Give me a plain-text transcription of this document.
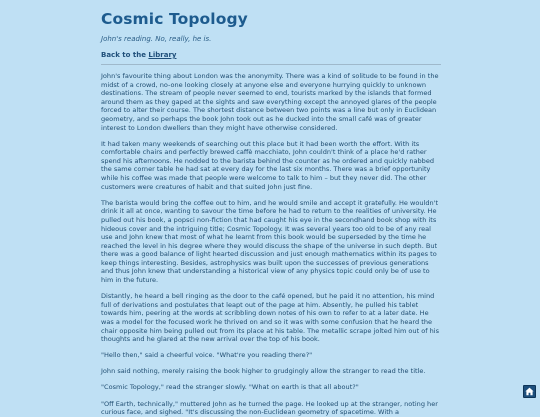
Cosmic Topology
John's reading. No, really, he is.
Back to the Library

John's favourite thing about London was the anonymity. There was a kind of solitude to be found in the midst of a crowd, no-one looking closely at anyone else and everyone hurrying quickly to unknown destinations. The stream of people never seemed to end, tourists marked by the islands that formed around them as they gaped at the sights and saw everything except the annoyed glares of the people forced to alter their course. The shortest distance between two points was a line but only in Euclidean geometry, and so perhaps the book John took out as he ducked into the small café was of greater interest to London dwellers than they might have otherwise considered.

It had taken many weekends of searching out this place but it had been worth the effort. With its comfortable chairs and perfectly brewed caffè macchiato, John couldn't think of a place he'd rather spend his afternoons. He nodded to the barista behind the counter as he ordered and quickly nabbed the same corner table he had sat at every day for the last six months. There was a brief opportunity while his coffee was made that people were welcome to talk to him – but they never did. The other customers were creatures of habit and that suited John just fine.

The barista would bring the coffee out to him, and he would smile and accept it gratefully. He wouldn't drink it all at once, wanting to savour the time before he had to return to the realities of university. He pulled out his book, a popsci non-fiction that had caught his eye in the secondhand book shop with its hideous cover and the intriguing title; Cosmic Topology. It was several years too old to be of any real use and John knew that most of what he learnt from this book would be superseded by the time he reached the level in his degree where they would discuss the shape of the universe in such depth. But there was a good balance of light hearted discussion and just enough mathematics within its pages to keep things interesting. Besides, astrophysics was built upon the successes of previous generations and thus John knew that understanding a historical view of any physics topic could only be of use to him in the future.

Distantly, he heard a bell ringing as the door to the café opened, but he paid it no attention, his mind full of derivations and postulates that leapt out of the page at him. Absently, he pulled his tablet towards him, peering at the words at scribbling down notes of his own to refer to at a later date. He was a model for the focused work he thrived on and so it was with some confusion that he heard the chair opposite him being pulled out from its place at his table. The metallic scrape jolted him out of his thoughts and he glared at the new arrival over the top of his book.

"Hello then," said a cheerful voice. "What're you reading there?"

John said nothing, merely raising the book higher to grudgingly allow the stranger to read the title.

"Cosmic Topology," read the stranger slowly. "What on earth is that all about?"

"Off Earth, technically," muttered John as he turned the page. He looked up at the stranger, noting her curious face, and sighed. "It's discussing the non-Euclidean geometry of spacetime. With a
